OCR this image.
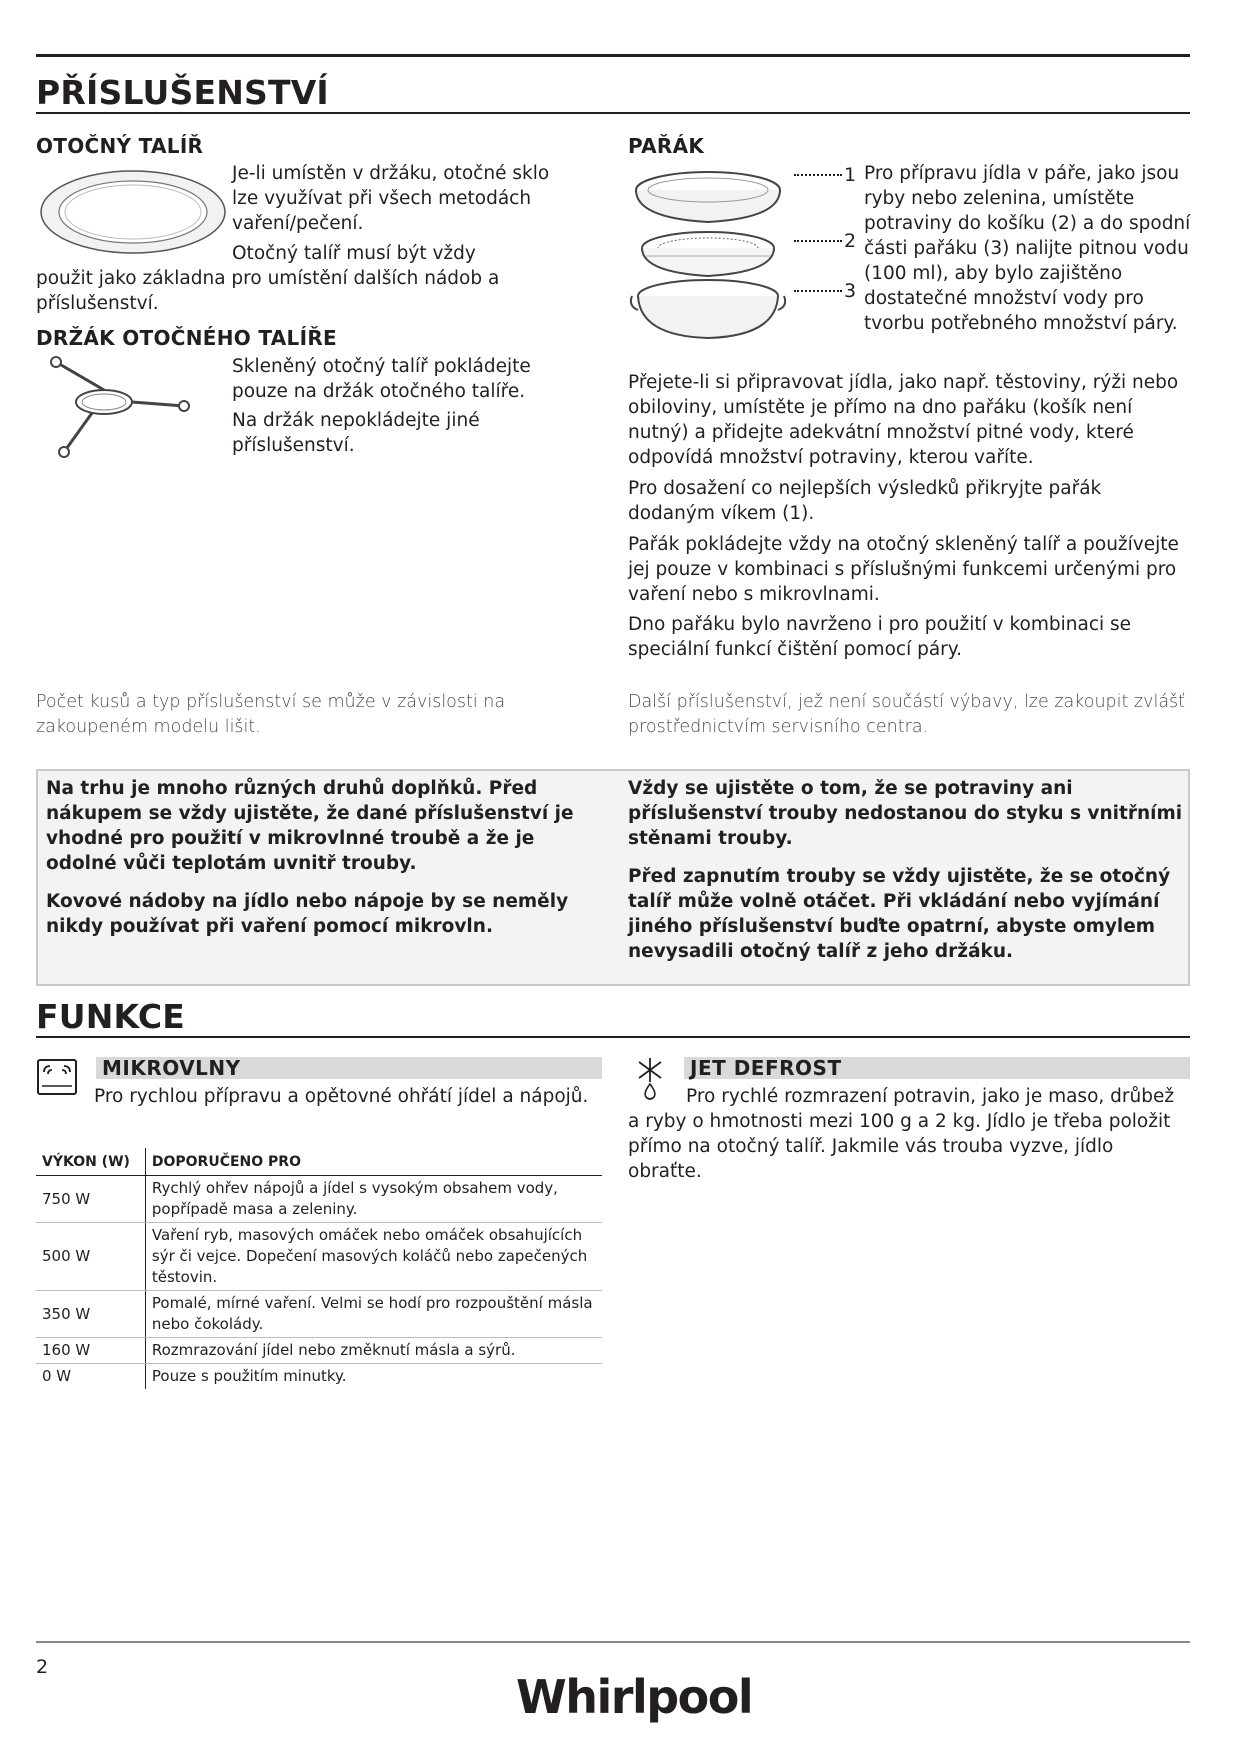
PŘÍSLUŠENSTVÍ
OTOČNÝ TALÍŘ
Je-li umístěn v držáku, otočné sklo lze využívat při všech metodách vaření/pečení.
Otočný talíř musí být vždy
použit jako základna pro umístění dalších nádob a příslušenství.
DRŽÁK OTOČNÉHO TALÍŘE
Skleněný otočný talíř pokládejte pouze na držák otočného talíře.
Na držák nepokládejte jiné příslušenství.
PAŘÁK
1
2
3
Pro přípravu jídla v páře, jako jsou ryby nebo zelenina, umístěte potraviny do košíku (2) a do spodní části pařáku (3) nalijte pitnou vodu (100 ml), aby bylo zajištěno dostatečné množství vody pro tvorbu potřebného množství páry.
Přejete-li si připravovat jídla, jako např. těstoviny, rýži nebo obiloviny, umístěte je přímo na dno pařáku (košík není nutný) a přidejte adekvátní množství pitné vody, které odpovídá množství potraviny, kterou vaříte.
Pro dosažení co nejlepších výsledků přikryjte pařák dodaným víkem (1).
Pařák pokládejte vždy na otočný skleněný talíř a používejte jej pouze v kombinaci s příslušnými funkcemi určenými pro vaření nebo s mikrovlnami.
Dno pařáku bylo navrženo i pro použití v kombinaci se speciální funkcí čištění pomocí páry.
Počet kusů a typ příslušenství se může v závislosti na zakoupeném modelu lišit.
Další příslušenství, jež není součástí výbavy, lze zakoupit zvlášť prostřednictvím servisního centra.

Na trhu je mnoho různých druhů doplňků. Před nákupem se vždy ujistěte, že dané příslušenství je vhodné pro použití v mikrovlnné troubě a že je odolné vůči teplotám uvnitř trouby.

Kovové nádoby na jídlo nebo nápoje by se neměly nikdy používat při vaření pomocí mikrovln.

Vždy se ujistěte o tom, že se potraviny ani příslušenství trouby nedostanou do styku s vnitřními stěnami trouby.

Před zapnutím trouby se vždy ujistěte, že se otočný talíř může volně otáčet. Při vkládání nebo vyjímání jiného příslušenství buďte opatrní, abyste omylem nevysadili otočný talíř z jeho držáku.

FUNKCE
MIKROVLNY
Pro rychlou přípravu a opětovné ohřátí jídel a nápojů.
VÝKON (W)	DOPORUČENO PRO
750 W	Rychlý ohřev nápojů a jídel s vysokým obsahem vody, popřípadě masa a zeleniny.
500 W	Vaření ryb, masových omáček nebo omáček obsahujících sýr či vejce. Dopečení masových koláčů nebo zapečených těstovin.
350 W	Pomalé, mírné vaření. Velmi se hodí pro rozpouštění másla nebo čokolády.
160 W	Rozmrazování jídel nebo změknutí másla a sýrů.
0 W	Pouze s použitím minutky.
JET DEFROST
Pro rychlé rozmrazení potravin, jako je maso, drůbež a ryby o hmotnosti mezi 100 g a 2 kg. Jídlo je třeba položit přímo na otočný talíř. Jakmile vás trouba vyzve, jídlo obraťte.
2
Whirlpool
